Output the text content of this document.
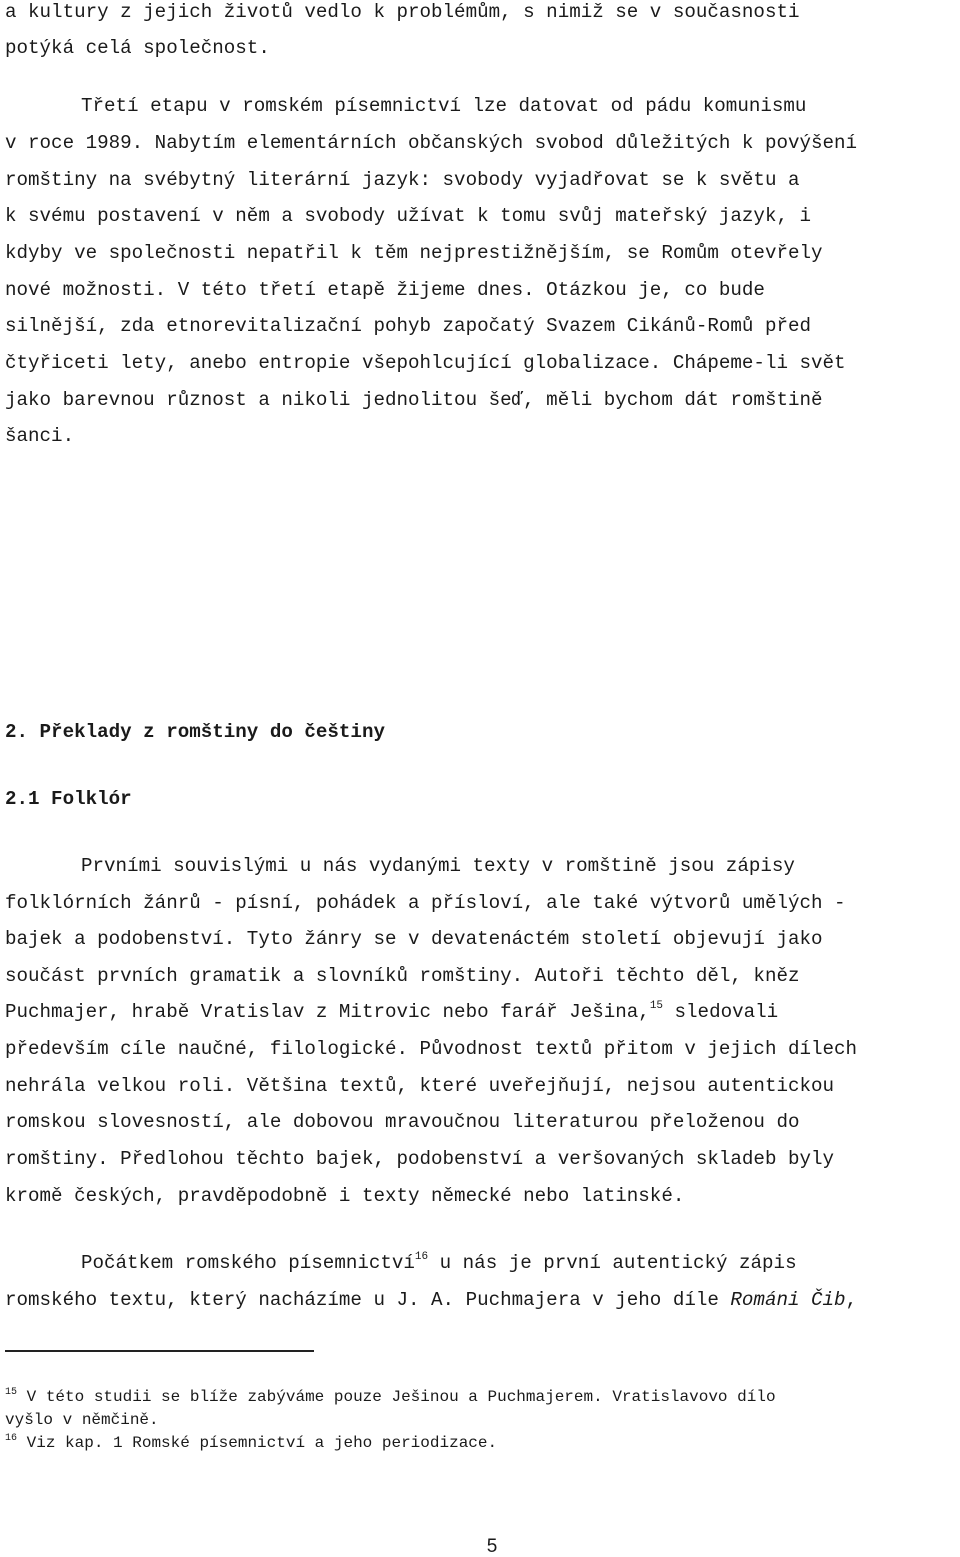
a kultury z jejich životů vedlo k problémům, s nimiž se v současnosti
potýká celá společnost.
Třetí etapu v romském písemnictví lze datovat od pádu komunismu
v roce 1989. Nabytím elementárních občanských svobod důležitých k povýšení
romštiny na svébytný literární jazyk: svobody vyjadřovat se k světu a
k svému postavení v něm a svobody užívat k tomu svůj mateřský jazyk, i
kdyby ve společnosti nepatřil k těm nejprestižnějším, se Romům otevřely
nové možnosti. V této třetí etapě žijeme dnes. Otázkou je, co bude
silnější, zda etnorevitalizační pohyb započatý Svazem Cikánů-Romů před
čtyřiceti lety, anebo entropie všepohlcující globalizace. Chápeme-li svět
jako barevnou různost a nikoli jednolitou šeď, měli bychom dát romštině
šanci.
2. Překlady z romštiny do češtiny
2.1 Folklór
Prvními souvislými u nás vydanými texty v romštině jsou zápisy
folklórních žánrů - písní, pohádek a přísloví, ale také výtvorů umělých -
bajek a podobenství. Tyto žánry se v devatenáctém století objevují jako
součást prvních gramatik a slovníků romštiny. Autoři těchto děl, kněz
Puchmajer, hrabě Vratislav z Mitrovic nebo farář Ješina,$^{15}$ sledovali
především cíle naučné, filologické. Původnost textů přitom v jejich dílech
nehrála velkou roli. Většina textů, které uveřejňují, nejsou autentickou
romskou slovesností, ale dobovou mravoučnou literaturou přeloženou do
romštiny. Předlohou těchto bajek, podobenství a veršovaných skladeb byly
kromě českých, pravděpodobně i texty německé nebo latinské.
Počátkem romského písemnictví$^{16}$ u nás je první autentický zápis
romského textu, který nacházíme u J. A. Puchmajera v jeho díle Románi Čib,
$^{15}$ V této studii se blíže zabýváme pouze Ješinou a Puchmajerem. Vratislavovo dílo
vyšlo v němčině.
$^{16}$ Viz kap. 1 Romské písemnictví a jeho periodizace.
5
